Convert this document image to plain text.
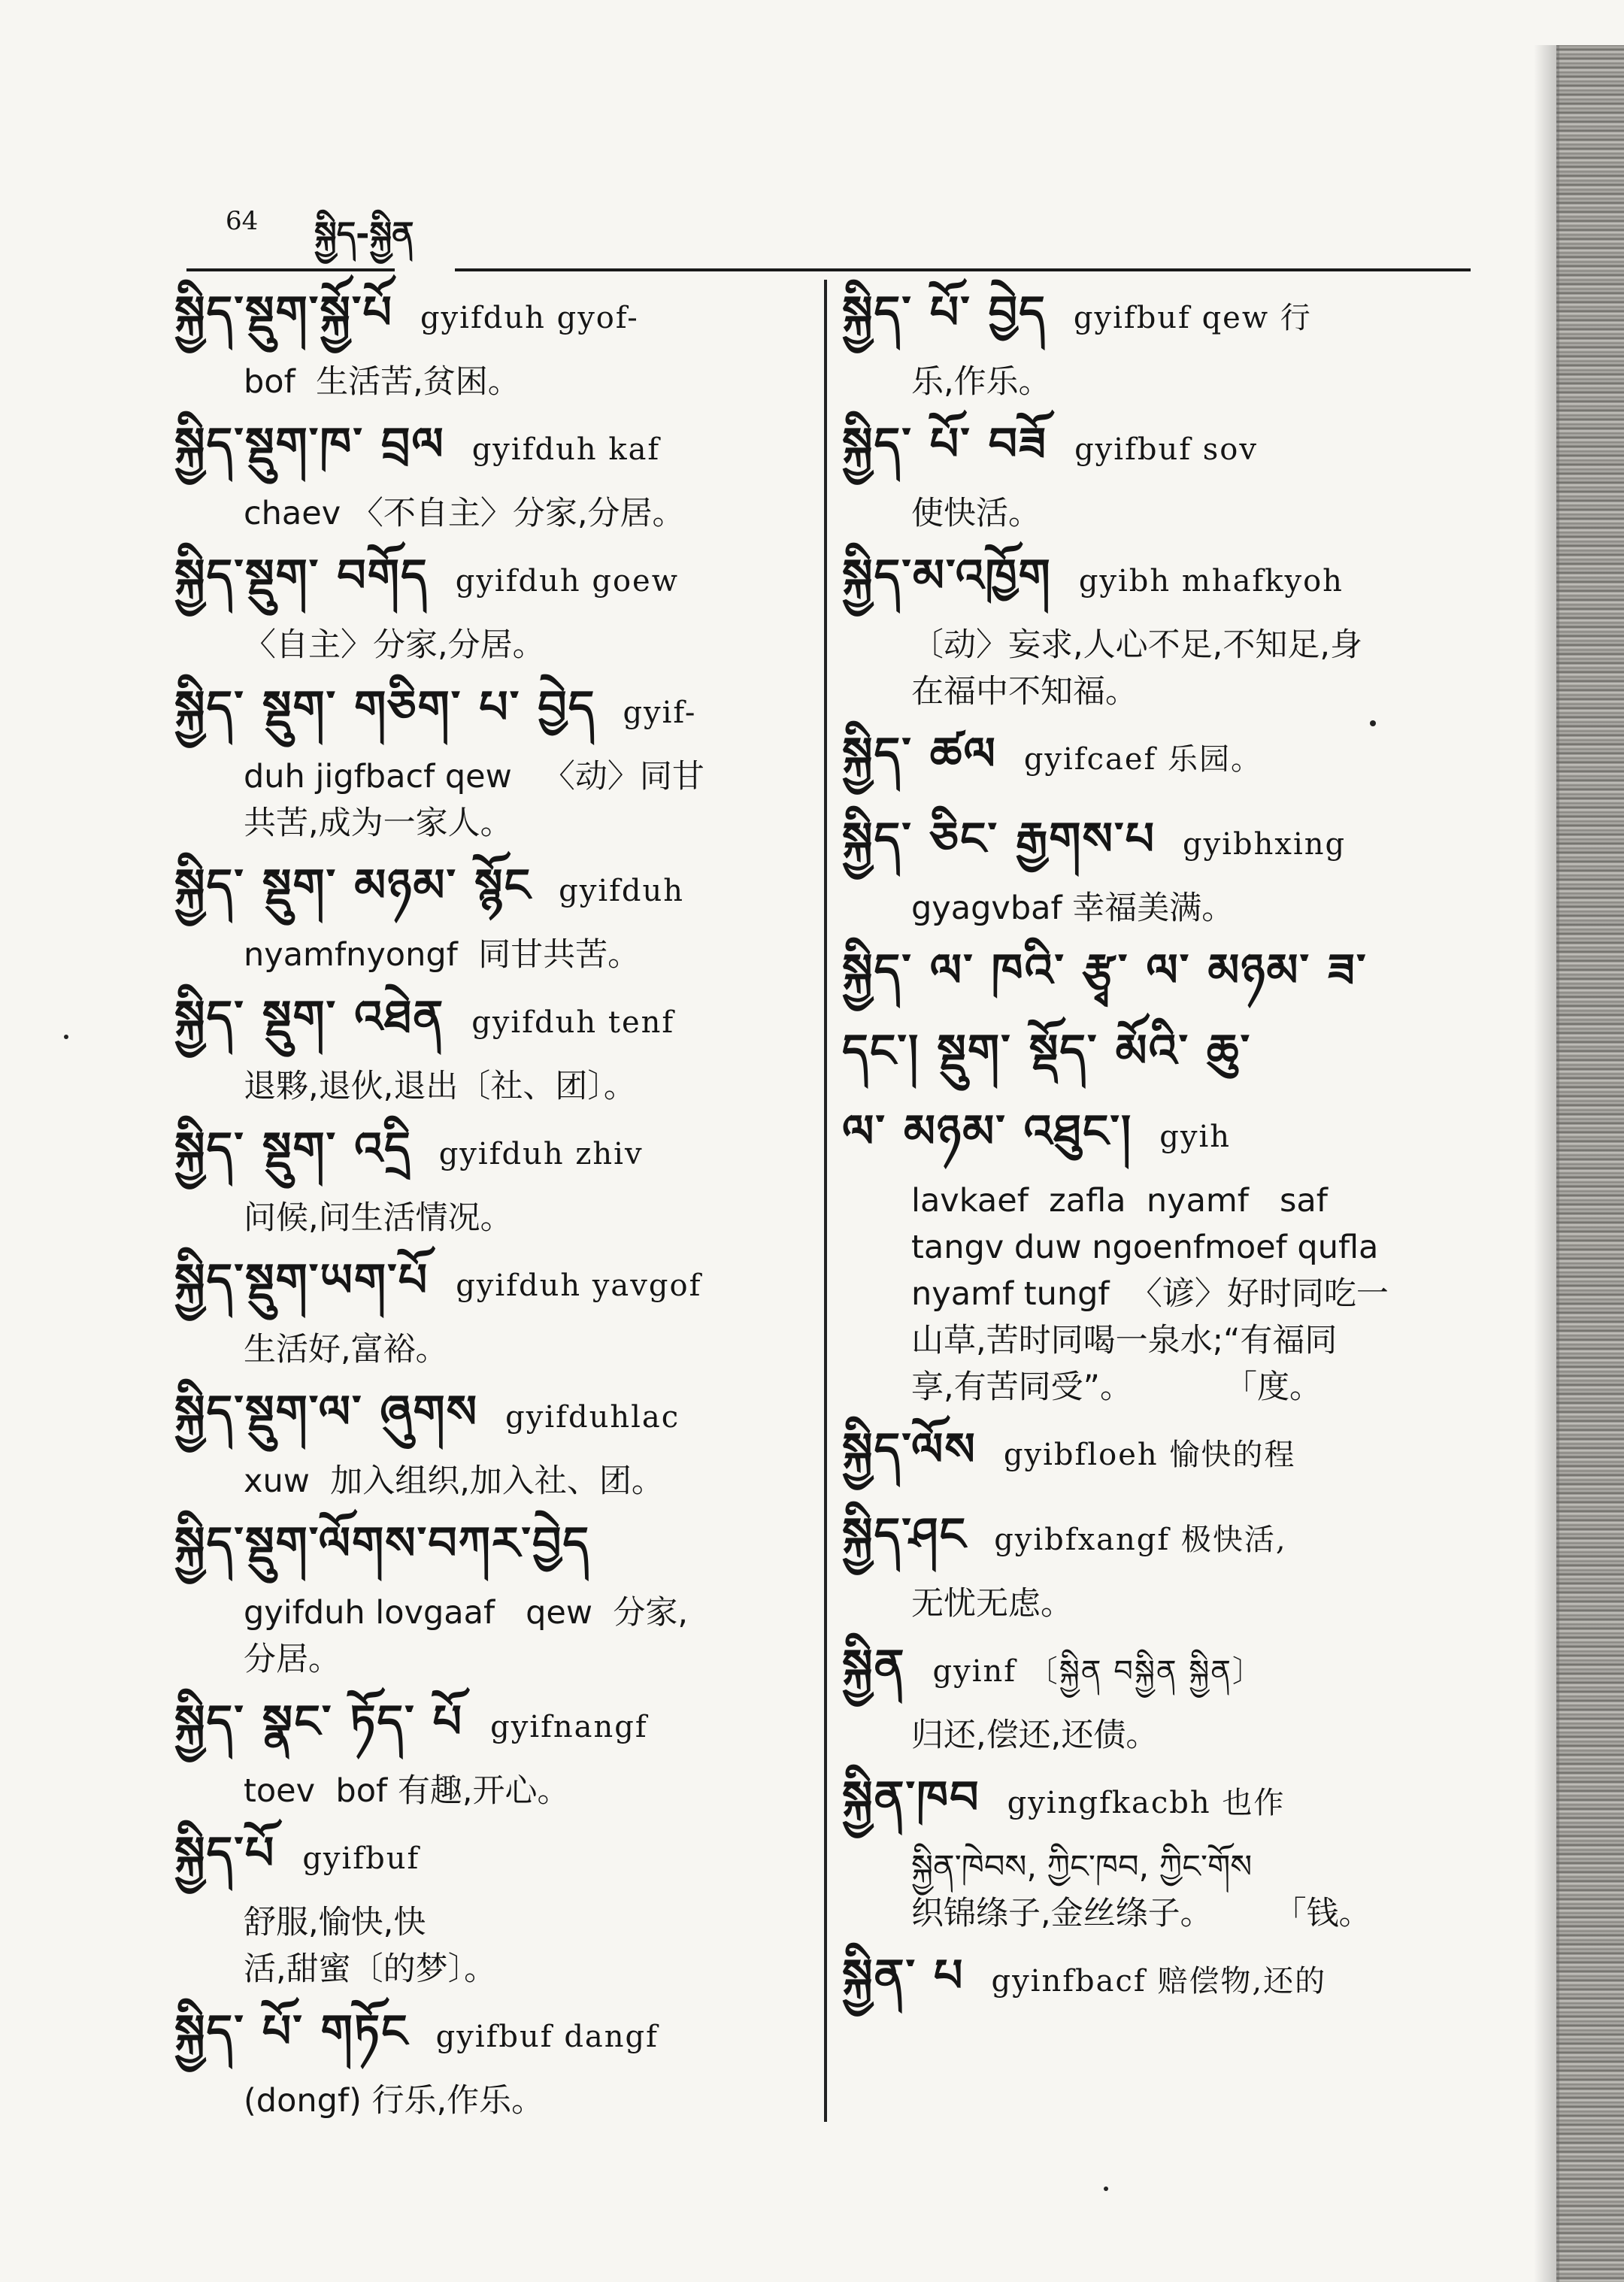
64 སྐྱིད-སྐྱིན
སྐྱིད་སྡུག་སྐྱོ་པོ gyifduh gyof-
bof  生活苦,贫困。
སྐྱིད་སྡུག་ཁ་ བྲལ gyifduh kaf
chaev 〈不自主〉分家,分居。
སྐྱིད་སྡུག་ བགོད gyifduh goew
〈自主〉分家,分居。
སྐྱིད་ སྡུག་ གཅིག་ པ་ བྱེད gyif-
duh jigfbacf qew   〈动〉同甘
共苦,成为一家人。
སྐྱིད་ སྡུག་ མཉམ་ སྙོང gyifduh
nyamfnyongf  同甘共苦。
སྐྱིད་ སྡུག་ འཐེན gyifduh tenf
退夥,退伙,退出〔社、团〕。
སྐྱིད་ སྡུག་ འདྲི gyifduh zhiv
问候,问生活情况。
སྐྱིད་སྡུག་ཡག་པོ gyifduh yavgof
生活好,富裕。
སྐྱིད་སྡུག་ལ་ ཞུགས gyifduhlac
xuw  加入组织,加入社、团。
སྐྱིད་སྡུག་ལོགས་བཀར་བྱེད
gyifduh lovgaaf   qew  分家,
分居。
སྐྱིད་ སྣང་ ཏོད་ པོ gyifnangf
toev  bof 有趣,开心。
སྐྱིད་པོ gyifbuf
舒服,愉快,快
活,甜蜜〔的梦〕。
སྐྱིད་ པོ་ གཏོང gyifbuf dangf
(dongf) 行乐,作乐。
སྐྱིད་ པོ་ བྱེད gyifbuf qew 行
乐,作乐。
སྐྱིད་ པོ་ བཟོ gyifbuf sov
使快活。
སྐྱིད་མ་འཁྱོག gyibh mhafkyoh
〔动〉妄求,人心不足,不知足,身
在福中不知福。
སྐྱིད་ ཚལ gyifcaef 乐园。
སྐྱིད་ ཅིང་ རྒྱགས་པ gyibhxing
gyagvbaf 幸福美满。
སྐྱིད་ ལ་ ཁའི་ རྩྭ་ ལ་ མཉམ་ ཟ་
དང་། སྡུག་ སྡོད་ མོའི་ ཆུ་
ལ་ མཉམ་ འཐུང་། gyih
lavkaef  zafla  nyamf   saf
tangv duw ngoenfmoef qufla
nyamf tungf  〈谚〉好时同吃一
山草,苦时同喝一泉水;“有福同
享,有苦同受”。         「度。
སྐྱིད་ལོས gyibfloeh 愉快的程
སྐྱིད་ཤང gyibfxangf 极快活,
无忧无虑。
སྐྱིན gyinf 〔སྐྱིན བསྐྱིན སྐྱིན〕
归还,偿还,还债。
སྐྱིན་ཁབ gyingfkacbh 也作
སྐྱིན་ཁེབས, ཀྱིང་ཁབ, ཀྱིང་གོས
织锦绦子,金丝绦子。      「钱。
སྐྱིན་ པ gyinfbacf 赔偿物,还的
